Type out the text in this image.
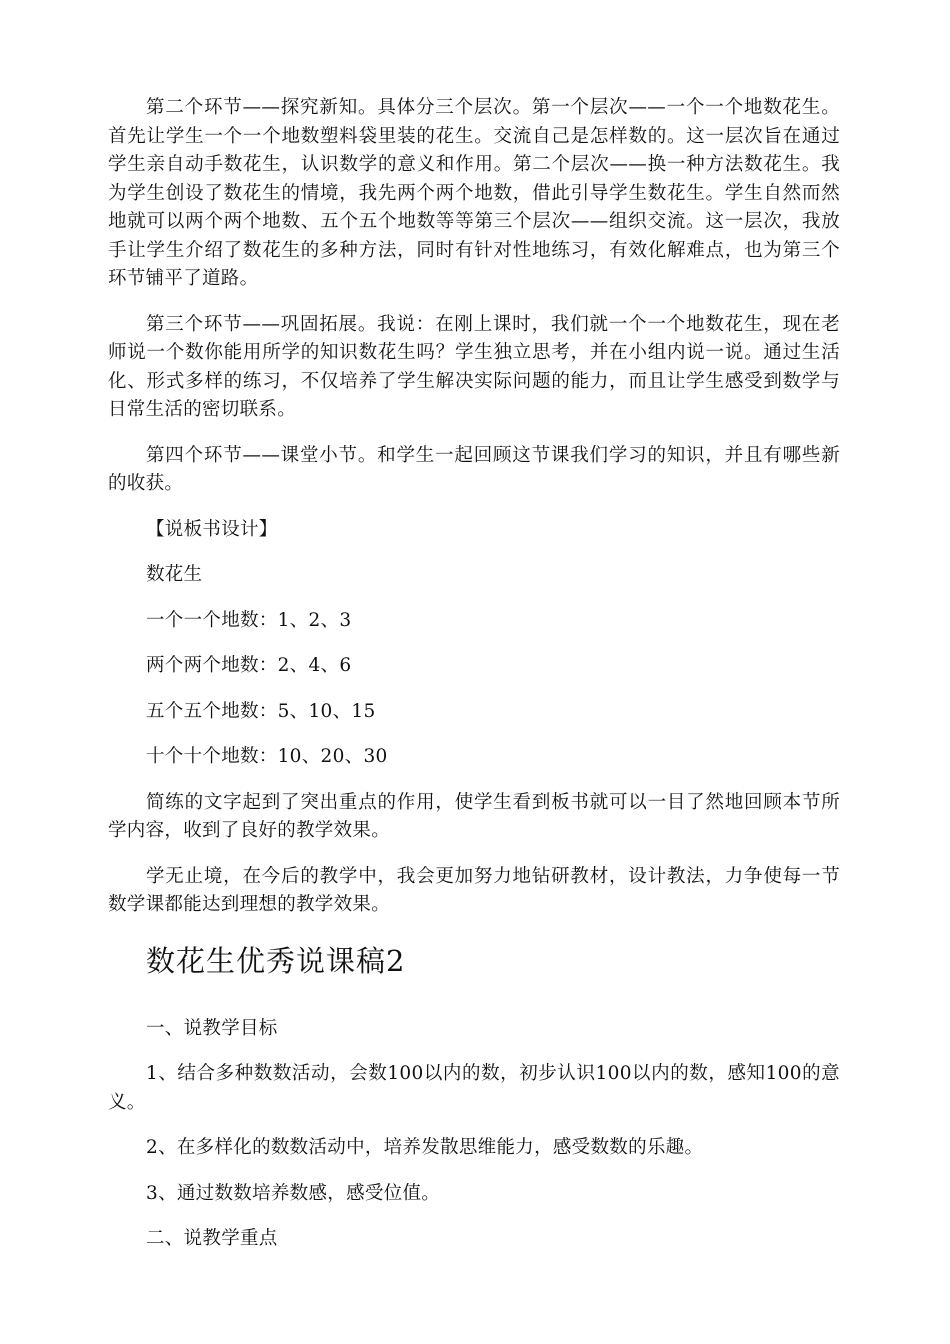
第二个环节——探究新知。具体分三个层次。第一个层次——一个一个地数花生。首先让学生一个一个地数塑料袋里装的花生。交流自己是怎样数的。这一层次旨在通过学生亲自动手数花生，认识数学的意义和作用。第二个层次——换一种方法数花生。我为学生创设了数花生的情境，我先两个两个地数，借此引导学生数花生。学生自然而然地就可以两个两个地数、五个五个地数等等第三个层次——组织交流。这一层次，我放手让学生介绍了数花生的多种方法，同时有针对性地练习，有效化解难点，也为第三个环节铺平了道路。

第三个环节——巩固拓展。我说：在刚上课时，我们就一个一个地数花生，现在老师说一个数你能用所学的知识数花生吗？学生独立思考，并在小组内说一说。通过生活化、形式多样的练习，不仅培养了学生解决实际问题的能力，而且让学生感受到数学与日常生活的密切联系。

第四个环节——课堂小节。和学生一起回顾这节课我们学习的知识，并且有哪些新的收获。

【说板书设计】

数花生

一个一个地数：1、2、3

两个两个地数：2、4、6

五个五个地数：5、10、15

十个十个地数：10、20、30

简练的文字起到了突出重点的作用，使学生看到板书就可以一目了然地回顾本节所学内容，收到了良好的教学效果。

学无止境，在今后的教学中，我会更加努力地钻研教材，设计教法，力争使每一节数学课都能达到理想的教学效果。

数花生优秀说课稿2

一、说教学目标

1、结合多种数数活动，会数100以内的数，初步认识100以内的数，感知100的意义。

2、在多样化的数数活动中，培养发散思维能力，感受数数的乐趣。

3、通过数数培养数感，感受位值。

二、说教学重点
